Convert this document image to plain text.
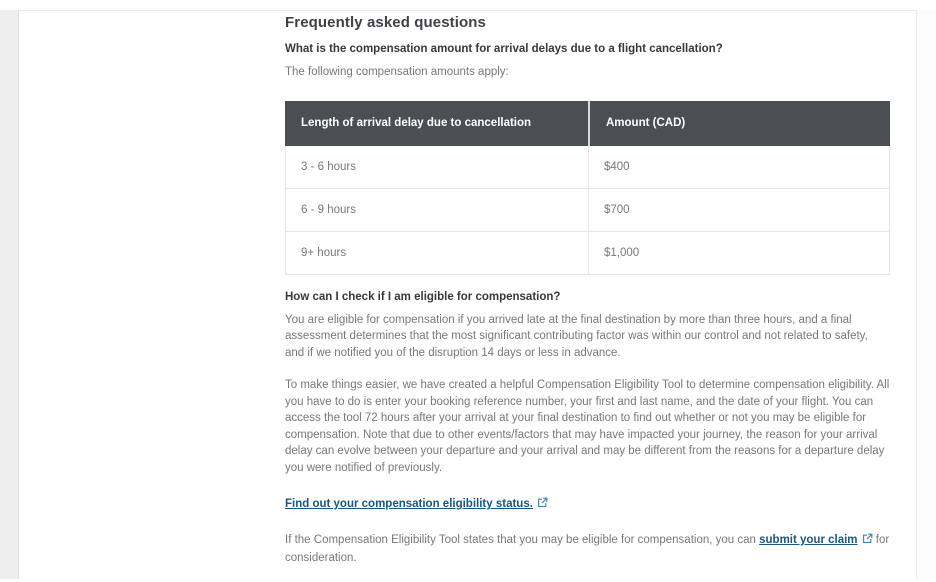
Frequently asked questions

What is the compensation amount for arrival delays due to a flight cancellation?

The following compensation amounts apply:

Length of arrival delay due to cancellation	Amount (CAD)
3 - 6 hours	$400
6 - 9 hours	$700
9+ hours	$1,000

How can I check if I am eligible for compensation?

You are eligible for compensation if you arrived late at the final destination by more than three hours, and a final assessment determines that the most significant contributing factor was within our control and not related to safety, and if we notified you of the disruption 14 days or less in advance.

To make things easier, we have created a helpful Compensation Eligibility Tool to determine compensation eligibility. All you have to do is enter your booking reference number, your first and last name, and the date of your flight. You can access the tool 72 hours after your arrival at your final destination to find out whether or not you may be eligible for compensation. Note that due to other events/factors that may have impacted your journey, the reason for your arrival delay can evolve between your departure and your arrival and may be different from the reasons for a departure delay you were notified of previously.

Find out your compensation eligibility status.

If the Compensation Eligibility Tool states that you may be eligible for compensation, you can submit your claim for consideration.
